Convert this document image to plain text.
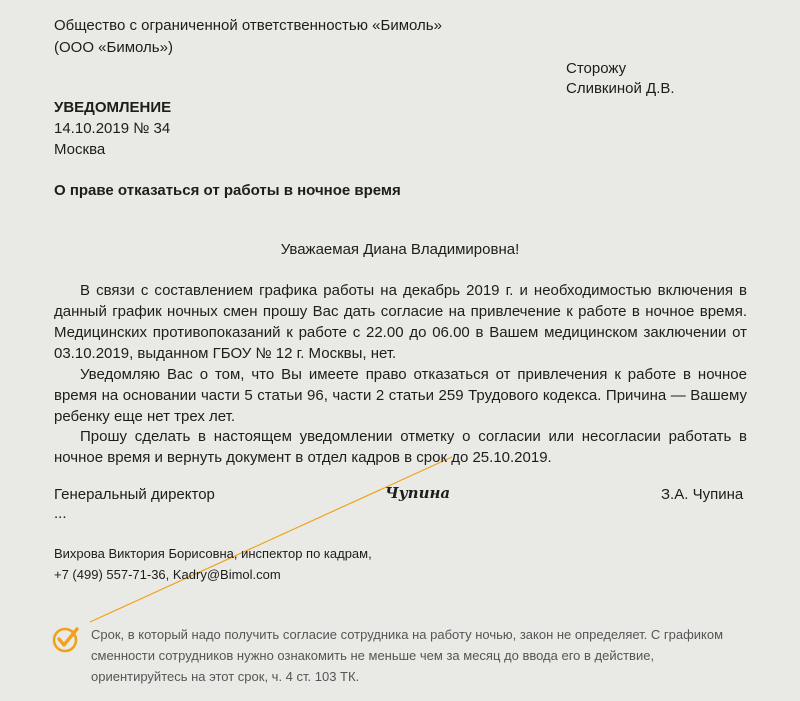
Общество с ограниченной ответственностью «Бимоль»
(ООО «Бимоль»)
Сторожу
Сливкиной Д.В.
УВЕДОМЛЕНИЕ
14.10.2019 № 34
Москва
О праве отказаться от работы в ночное время
Уважаемая Диана Владимировна!
В связи с составлением графика работы на декабрь 2019 г. и необходимостью включения в данный график ночных смен прошу Вас дать согласие на привлечение к работе в ночное время. Медицинских противопоказаний к работе с 22.00 до 06.00 в Вашем медицинском заключении от 03.10.2019, выданном ГБОУ № 12 г. Москвы, нет.
Уведомляю Вас о том, что Вы имеете право отказаться от привлечения к работе в ночное время на основании части 5 статьи 96, части 2 статьи 259 Трудового кодекса. Причина — Вашему ребенку еще нет трех лет.
Прошу сделать в настоящем уведомлении отметку о согласии или несогласии работать в ночное время и вернуть документ в отдел кадров в срок до 25.10.2019.
Генеральный директор	Чупина	З.А. Чупина
...
Вихрова Виктория Борисовна, инспектор по кадрам,
+7 (499) 557-71-36, Kadry@Bimol.com
Срок, в который надо получить согласие сотрудника на работу ночью, закон не определяет. С графиком сменности сотрудников нужно ознакомить не меньше чем за месяц до ввода его в действие, ориентируйтесь на этот срок, ч. 4 ст. 103 ТК.
